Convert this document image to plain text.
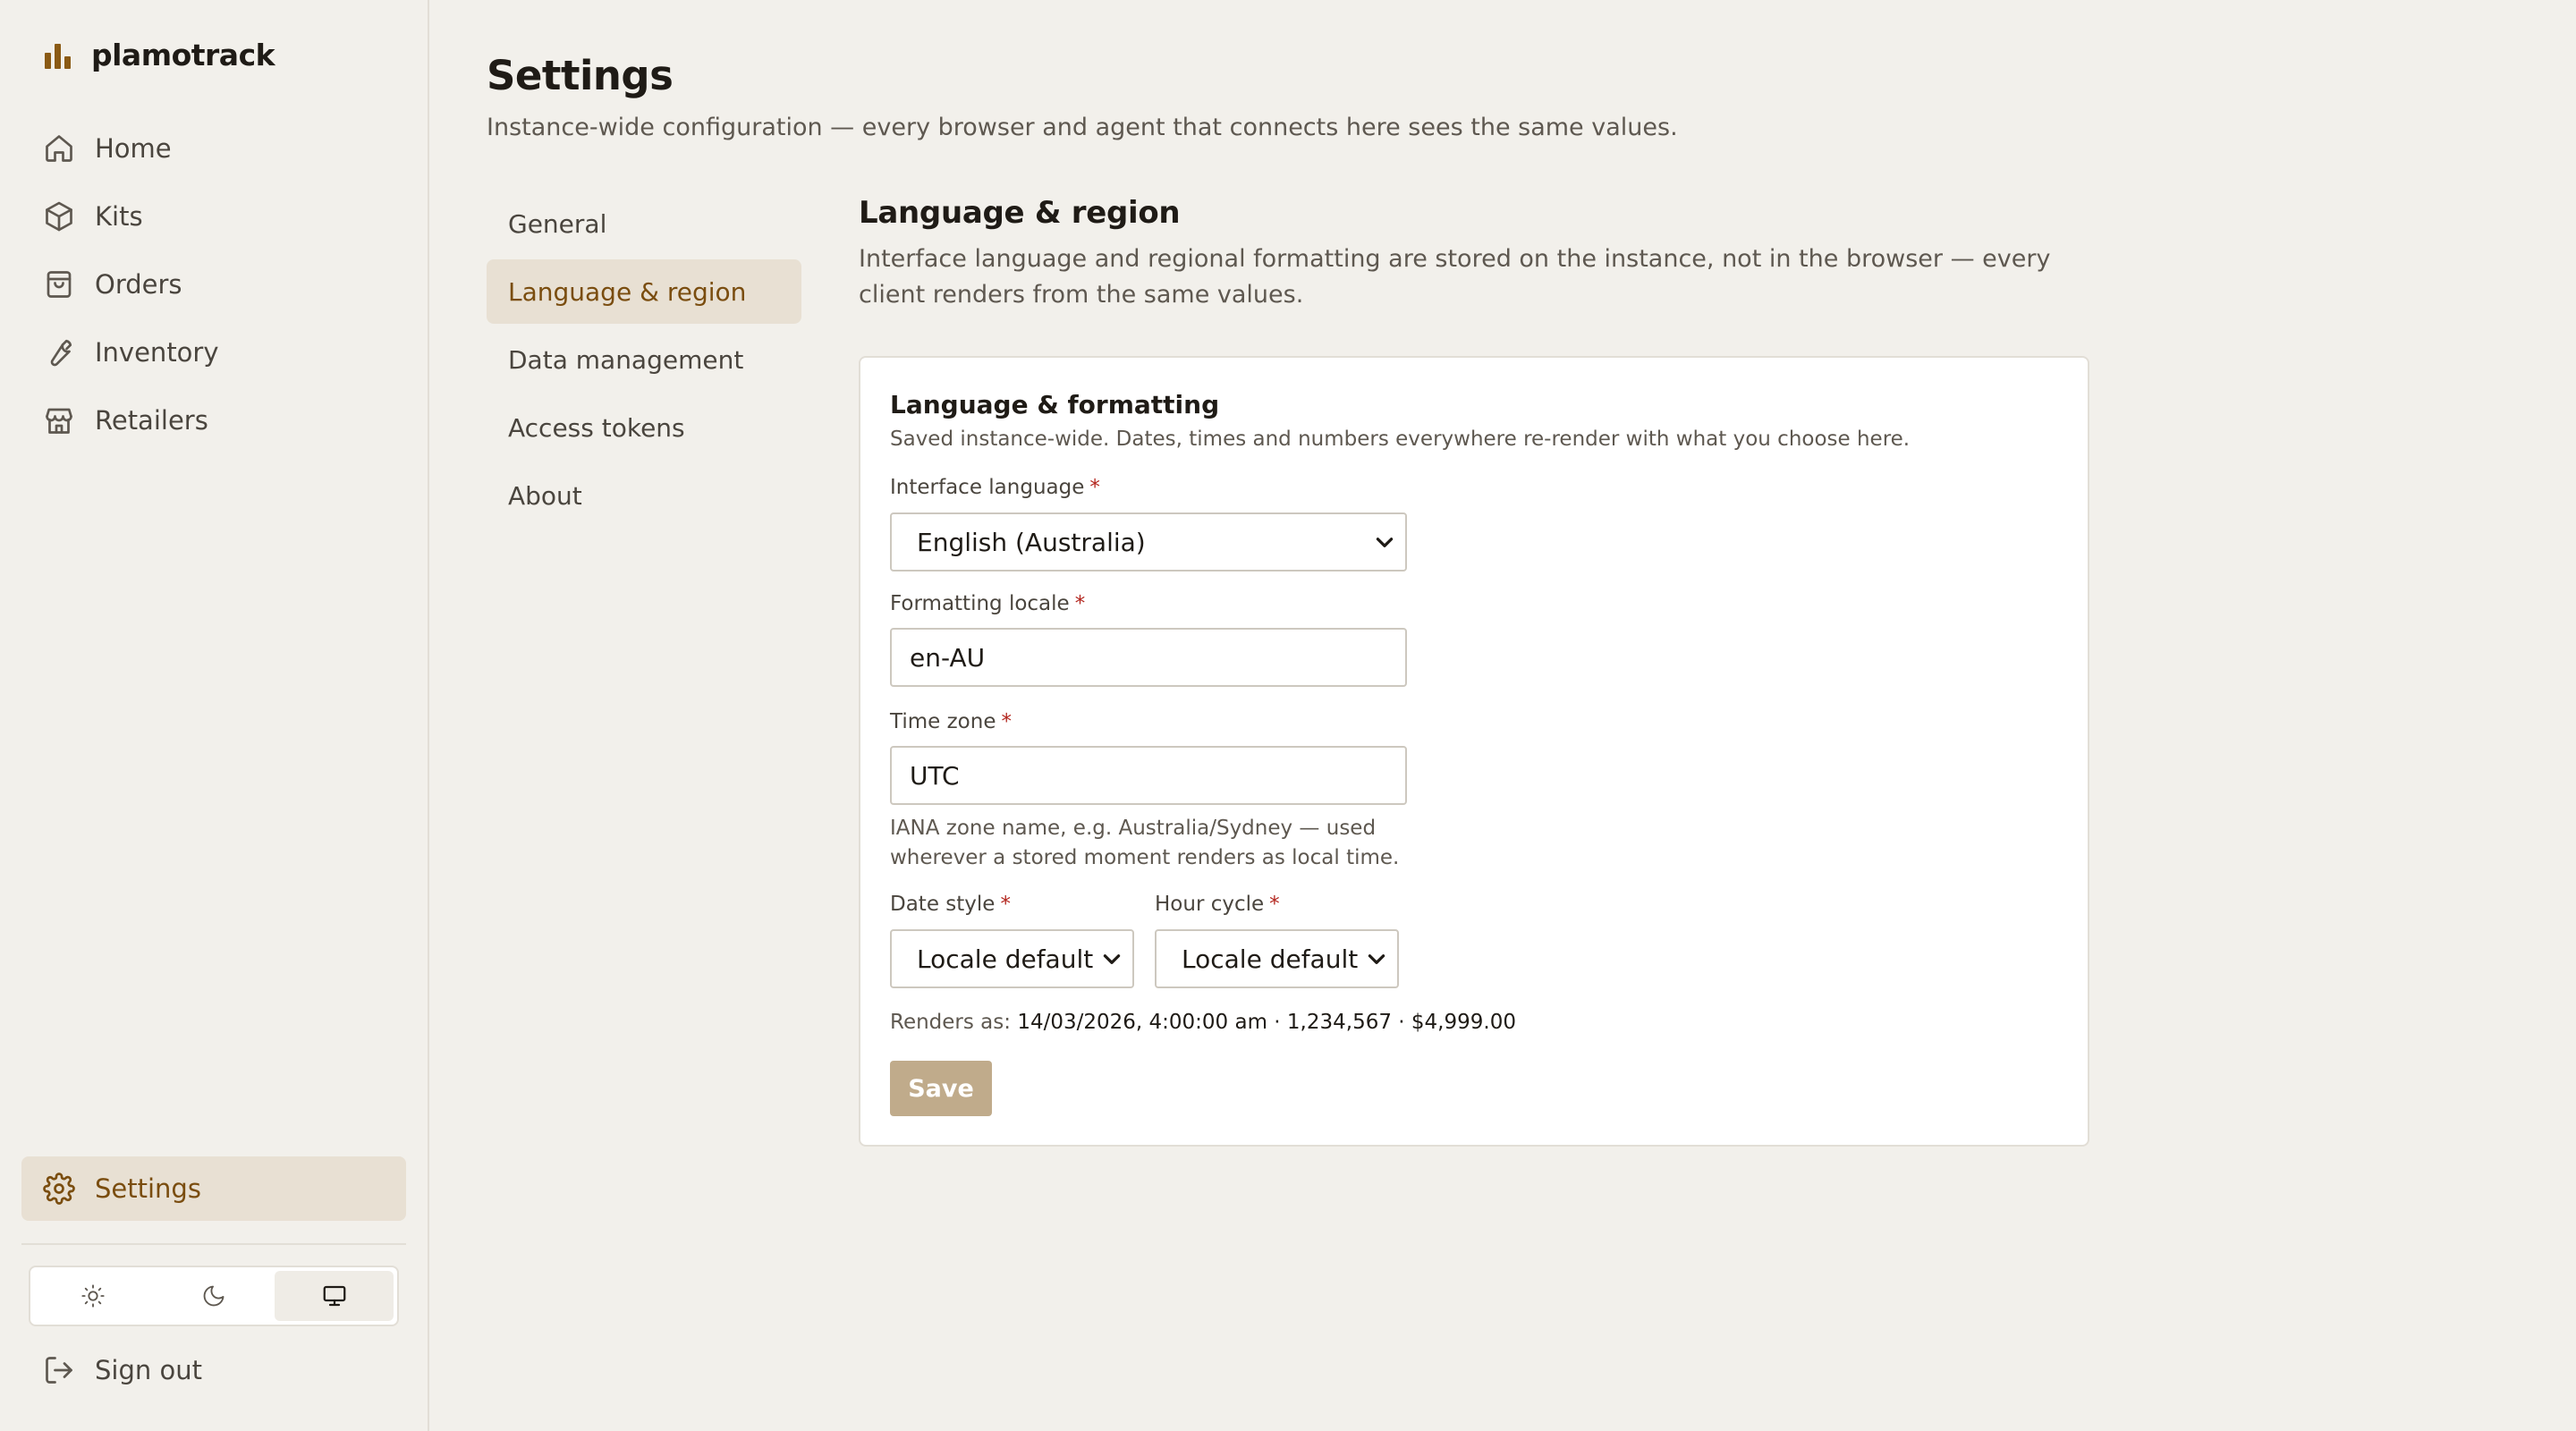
plamotrack
Home
Kits
Orders
Inventory
Retailers
Settings
Sign out
Settings

Instance-wide configuration — every browser and agent that connects here sees the same values.

General
Language & region
Data management
Access tokens
About
Language & region

Interface language and regional formatting are stored on the instance, not in the browser — every client renders from the same values.

Language & formatting

Saved instance-wide. Dates, times and numbers everywhere re-render with what you choose here.

Interface language *
English (Australia)
Formatting locale *
en-AU
Time zone *
UTC

IANA zone name, e.g. Australia/Sydney — used wherever a stored moment renders as local time.

Date style *
Locale default
Hour cycle *
Locale default
Renders as: 14/03/2026, 4:00:00 am · 1,234,567 · $4,999.00
Save
